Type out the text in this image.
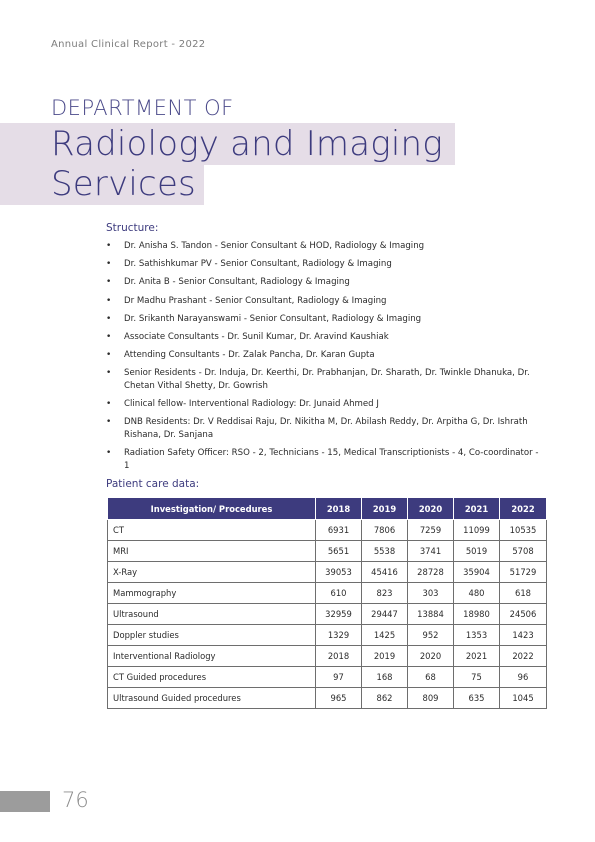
Annual Clinical Report - 2022
DEPARTMENT OF
Radiology and Imaging
Services
Structure:
• Dr. Anisha S. Tandon - Senior Consultant & HOD, Radiology & Imaging
• Dr. Sathishkumar PV - Senior Consultant, Radiology & Imaging
• Dr. Anita B - Senior Consultant, Radiology & Imaging
• Dr Madhu Prashant - Senior Consultant, Radiology & Imaging
• Dr. Srikanth Narayanswami - Senior Consultant, Radiology & Imaging
• Associate Consultants - Dr. Sunil Kumar, Dr. Aravind Kaushiak
• Attending Consultants - Dr. Zalak Pancha, Dr. Karan Gupta
• Senior Residents - Dr. Induja, Dr. Keerthi, Dr. Prabhanjan, Dr. Sharath, Dr. Twinkle Dhanuka, Dr. Chetan Vithal Shetty, Dr. Gowrish
• Clinical fellow- Interventional Radiology: Dr. Junaid Ahmed J
• DNB Residents: Dr. V Reddisai Raju, Dr. Nikitha M, Dr. Abilash Reddy, Dr. Arpitha G, Dr. Ishrath Rishana, Dr. Sanjana
• Radiation Safety Officer: RSO - 2, Technicians - 15, Medical Transcriptionists - 4, Co-coordinator - 1
Patient care data:
Investigation/ Procedures	2018	2019	2020	2021	2022
CT	6931	7806	7259	11099	10535
MRI	5651	5538	3741	5019	5708
X-Ray	39053	45416	28728	35904	51729
Mammography	610	823	303	480	618
Ultrasound	32959	29447	13884	18980	24506
Doppler studies	1329	1425	952	1353	1423
Interventional Radiology	2018	2019	2020	2021	2022
CT Guided procedures	97	168	68	75	96
Ultrasound Guided procedures	965	862	809	635	1045
76
